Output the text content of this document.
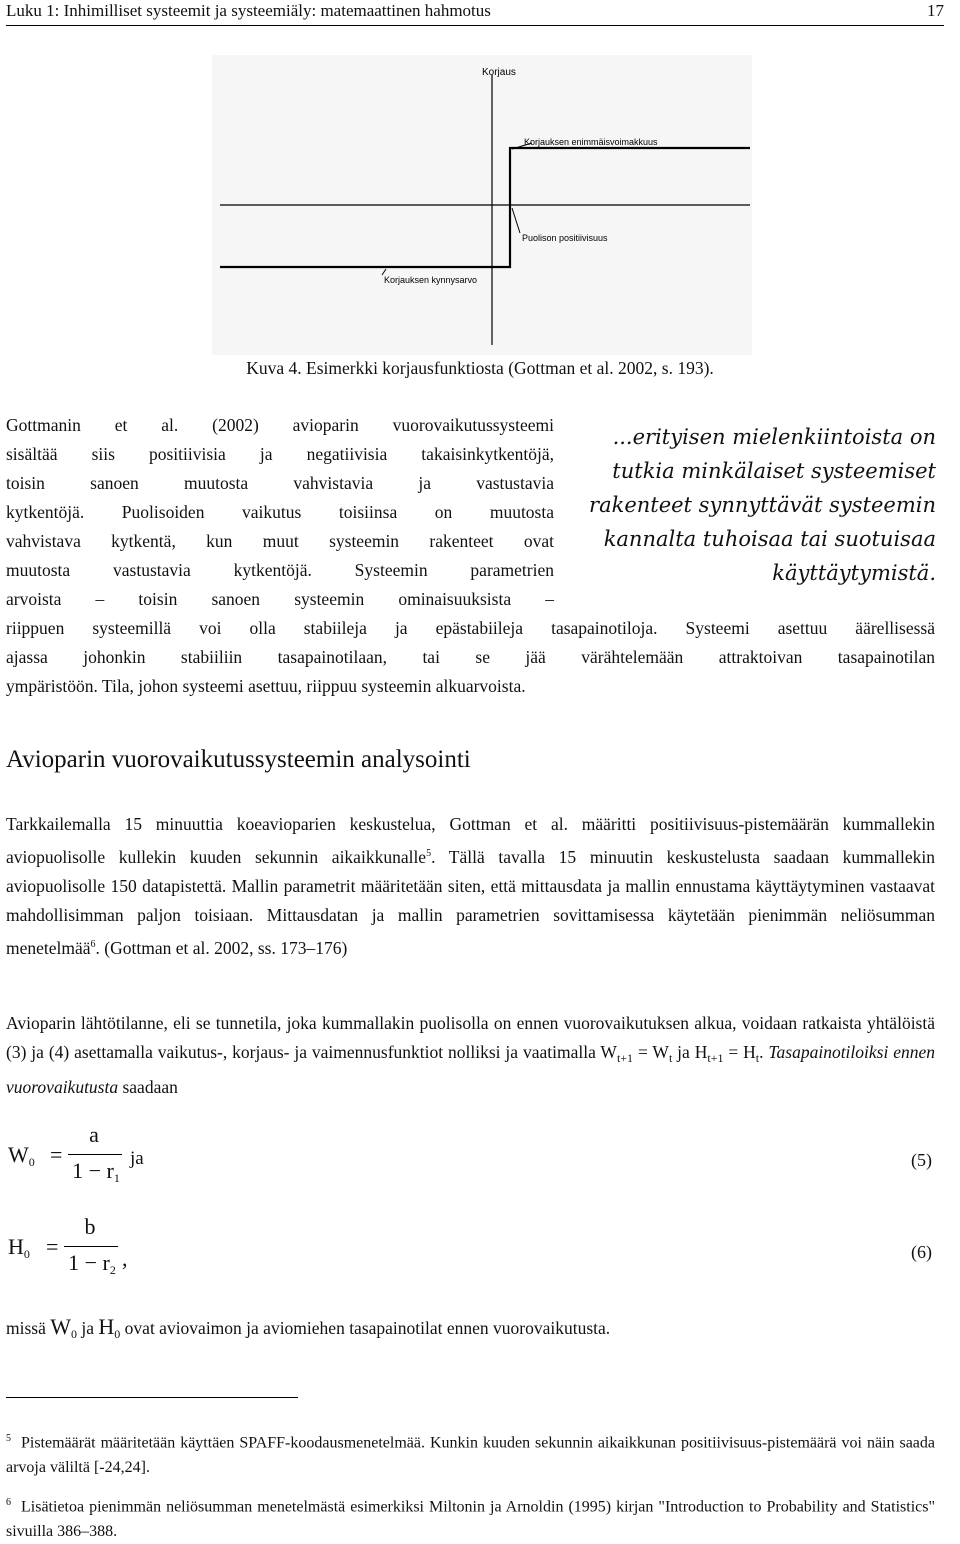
Luku 1: Inhimilliset systeemit ja systeemiäly: matemaattinen hahmotus	17
Korjaus
Korjauksen enimmäisvoimakkuus
Puolison positiivisuus
Korjauksen kynnysarvo
Kuva 4. Esimerkki korjausfunktiosta (Gottman et al. 2002, s. 193).
Gottmanin et al. (2002) avioparin vuorovaikutussysteemi
sisältää siis positiivisia ja negatiivisia takaisinkytkentöjä,
toisin sanoen muutosta vahvistavia ja vastustavia
kytkentöjä. Puolisoiden vaikutus toisiinsa on muutosta
vahvistava kytkentä, kun muut systeemin rakenteet ovat
muutosta vastustavia kytkentöjä. Systeemin parametrien
arvoista – toisin sanoen systeemin ominaisuuksista –
riippuen systeemillä voi olla stabiileja ja epästabiileja tasapainotiloja. Systeemi asettuu äärellisessä
ajassa johonkin stabiiliin tasapainotilaan, tai se jää värähtelemään attraktoivan tasapainotilan
ympäristöön. Tila, johon systeemi asettuu, riippuu systeemin alkuarvoista.
...erityisen mielenkiintoista on
tutkia minkälaiset systeemiset
rakenteet synnyttävät systeemin
kannalta tuhoisaa tai suotuisaa
käyttäytymistä.
Avioparin vuorovaikutussysteemin analysointi
Tarkkailemalla 15 minuuttia koeavioparien keskustelua, Gottman et al. määritti positiivisuus-pistemäärän kummallekin aviopuolisolle kullekin kuuden sekunnin aikaikkunalle$^5$. Tällä tavalla 15 minuutin keskustelusta saadaan kummallekin aviopuolisolle 150 datapistettä. Mallin parametrit määritetään siten, että mittausdata ja mallin ennustama käyttäytyminen vastaavat mahdollisimman paljon toisiaan. Mittausdatan ja mallin parametrien sovittamisessa käytetään pienimmän neliösumman menetelmää$^6$. (Gottman et al. 2002, ss. 173–176)
Avioparin lähtötilanne, eli se tunnetila, joka kummallakin puolisolla on ennen vuorovaikutuksen alkua, voidaan ratkaista yhtälöistä (3) ja (4) asettamalla vaikutus-, korjaus- ja vaimennusfunktiot nolliksi ja vaatimalla $W_{t+1} = W_t$ ja $H_{t+1} = H_t$. Tasapainotiloiksi ennen vuorovaikutusta saadaan
$W_0$ =
a
$1 - r_1$
ja	(5)
$H_0$ =
b
$1 - r_2$ ,	(6)
missä $W_0$ ja $H_0$ ovat aviovaimon ja aviomiehen tasapainotilat ennen vuorovaikutusta.
$^5$ Pistemäärät määritetään käyttäen SPAFF-koodausmenetelmää. Kunkin kuuden sekunnin aikaikkunan positiivisuus-pistemäärä voi näin saada arvoja väliltä [-24,24].
$^6$ Lisätietoa pienimmän neliösumman menetelmästä esimerkiksi Miltonin ja Arnoldin (1995) kirjan "Introduction to Probability and Statistics" sivuilla 386–388.
